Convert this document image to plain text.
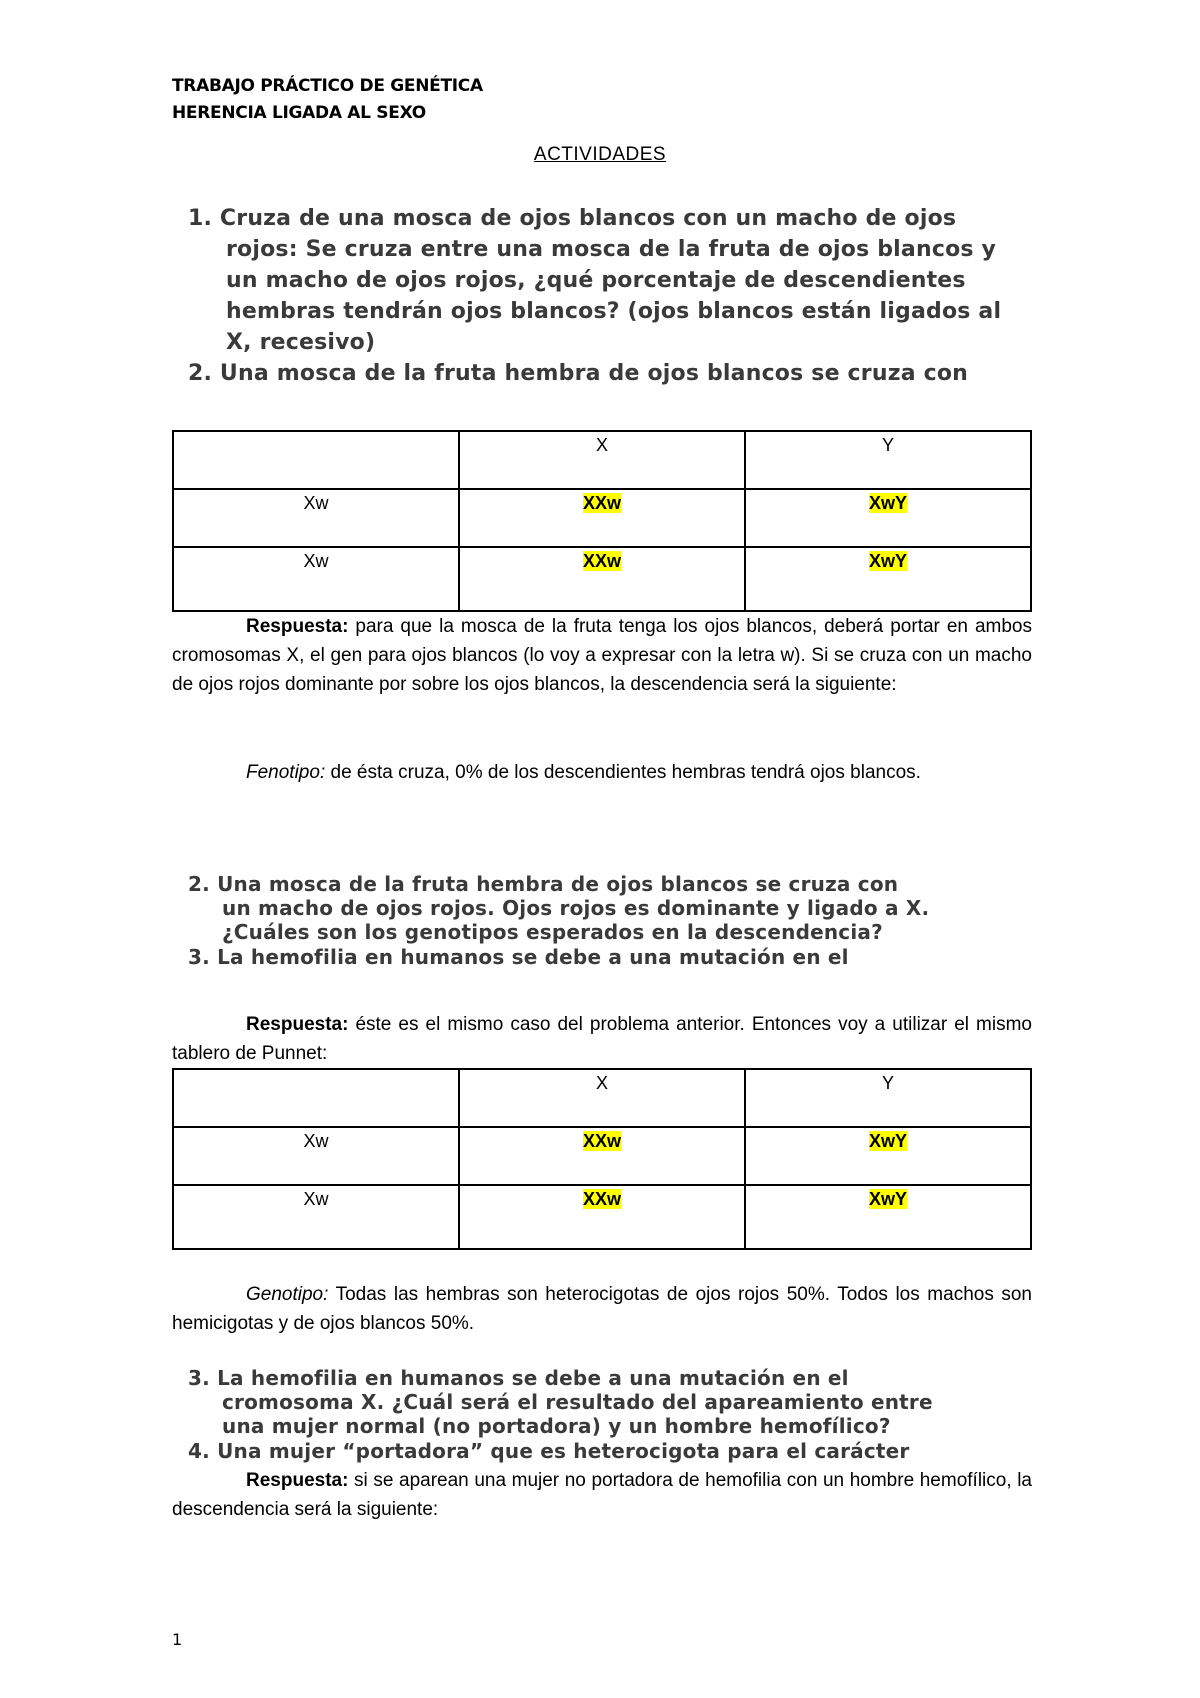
TRABAJO PRÁCTICO DE GENÉTICA
HERENCIA LIGADA AL SEXO
ACTIVIDADES
1. Cruza de una mosca de ojos blancos con un macho de ojos
rojos: Se cruza entre una mosca de la fruta de ojos blancos y
un macho de ojos rojos, ¿qué porcentaje de descendientes
hembras tendrán ojos blancos? (ojos blancos están ligados al
X, recesivo)
2. Una mosca de la fruta hembra de ojos blancos se cruza con
	X	Y
Xw	XXw	XwY
Xw	XXw	XwY
Respuesta: para que la mosca de la fruta tenga los ojos blancos, deberá portar en ambos cromosomas X, el gen para ojos blancos (lo voy a expresar con la letra w). Si se cruza con un macho de ojos rojos dominante por sobre los ojos blancos, la descendencia será la siguiente:
Fenotipo: de ésta cruza, 0% de los descendientes hembras tendrá ojos blancos.
2. Una mosca de la fruta hembra de ojos blancos se cruza con
un macho de ojos rojos. Ojos rojos es dominante y ligado a X.
¿Cuáles son los genotipos esperados en la descendencia?
3. La hemofilia en humanos se debe a una mutación en el
Respuesta: éste es el mismo caso del problema anterior. Entonces voy a utilizar el mismo tablero de Punnet:
	X	Y
Xw	XXw	XwY
Xw	XXw	XwY
Genotipo: Todas las hembras son heterocigotas de ojos rojos 50%. Todos los machos son hemicigotas y de ojos blancos 50%.
3. La hemofilia en humanos se debe a una mutación en el
cromosoma X. ¿Cuál será el resultado del apareamiento entre
una mujer normal (no portadora) y un hombre hemofílico?
4. Una mujer “portadora” que es heterocigota para el carácter
Respuesta: si se aparean una mujer no portadora de hemofilia con un hombre hemofílico, la descendencia será la siguiente:
1
